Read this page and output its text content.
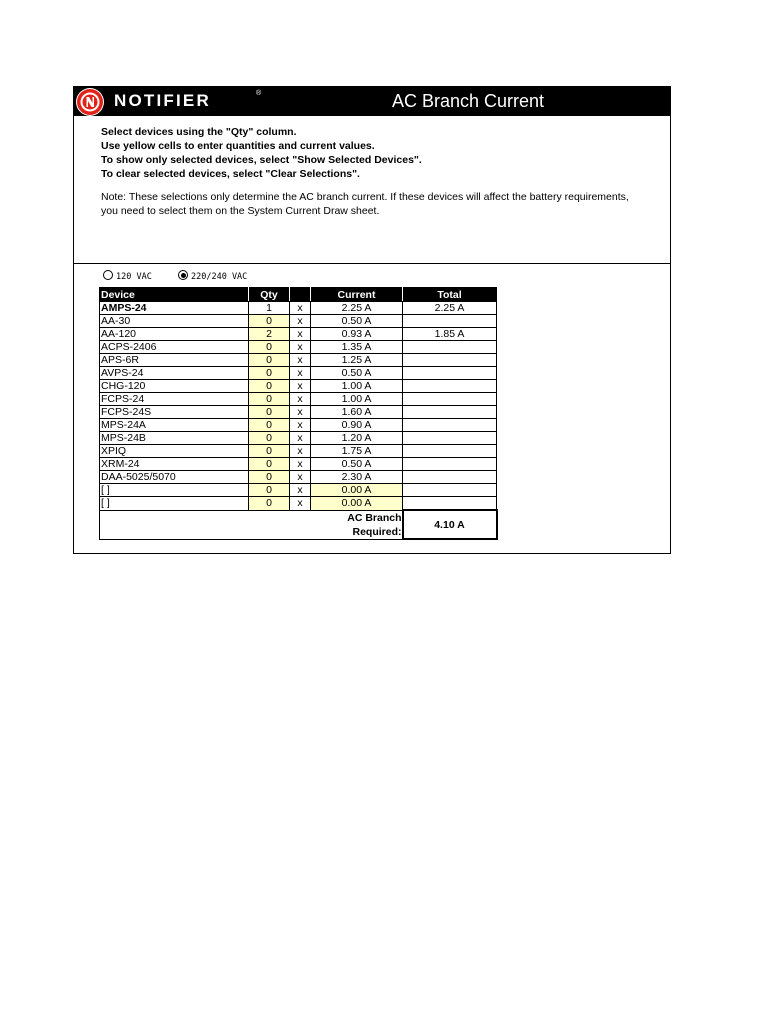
NOTIFIER	®	AC Branch Current
Select devices using the "Qty" column.
Use yellow cells to enter quantities and current values.
To show only selected devices, select "Show Selected Devices".
To clear selected devices, select "Clear Selections".
Note: These selections only determine the AC branch current. If these devices will affect the battery requirements,
you need to select them on the System Current Draw sheet.
120 VAC	220/240 VAC
Device	Qty		Current	Total
AMPS-24	1	x	2.25 A	2.25 A
AA-30	0	x	0.50 A	
AA-120	2	x	0.93 A	1.85 A
ACPS-2406	0	x	1.35 A	
APS-6R	0	x	1.25 A	
AVPS-24	0	x	0.50 A	
CHG-120	0	x	1.00 A	
FCPS-24	0	x	1.00 A	
FCPS-24S	0	x	1.60 A	
MPS-24A	0	x	0.90 A	
MPS-24B	0	x	1.20 A	
XPIQ	0	x	1.75 A	
XRM-24	0	x	0.50 A	
DAA-5025/5070	0	x	2.30 A	
[ ]	0	x	0.00 A	
[ ]	0	x	0.00 A	

AC Branch
Required:				4.10 A
